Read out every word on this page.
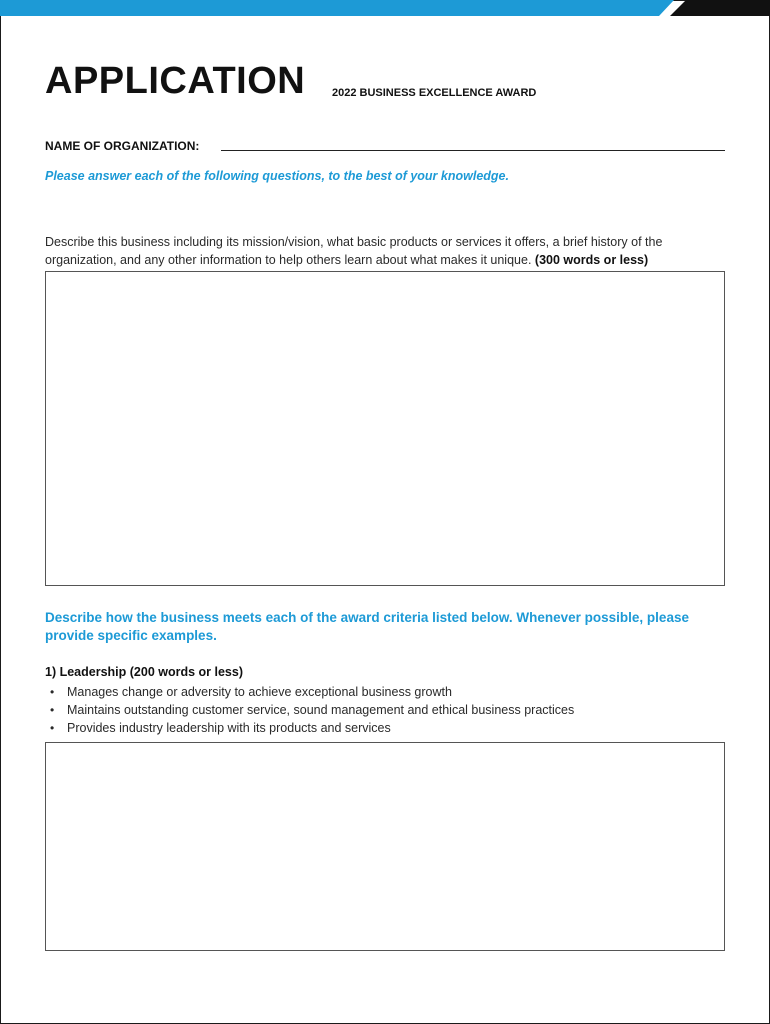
APPLICATION 2022 BUSINESS EXCELLENCE AWARD
NAME OF ORGANIZATION:
Please answer each of the following questions, to the best of your knowledge.
Describe this business including its mission/vision, what basic products or services it offers, a brief history of the organization, and any other information to help others learn about what makes it unique. (300 words or less)
Describe how the business meets each of the award criteria listed below. Whenever possible, please provide specific examples.
1) Leadership (200 words or less)
• Manages change or adversity to achieve exceptional business growth
• Maintains outstanding customer service, sound management and ethical business practices
• Provides industry leadership with its products and services
